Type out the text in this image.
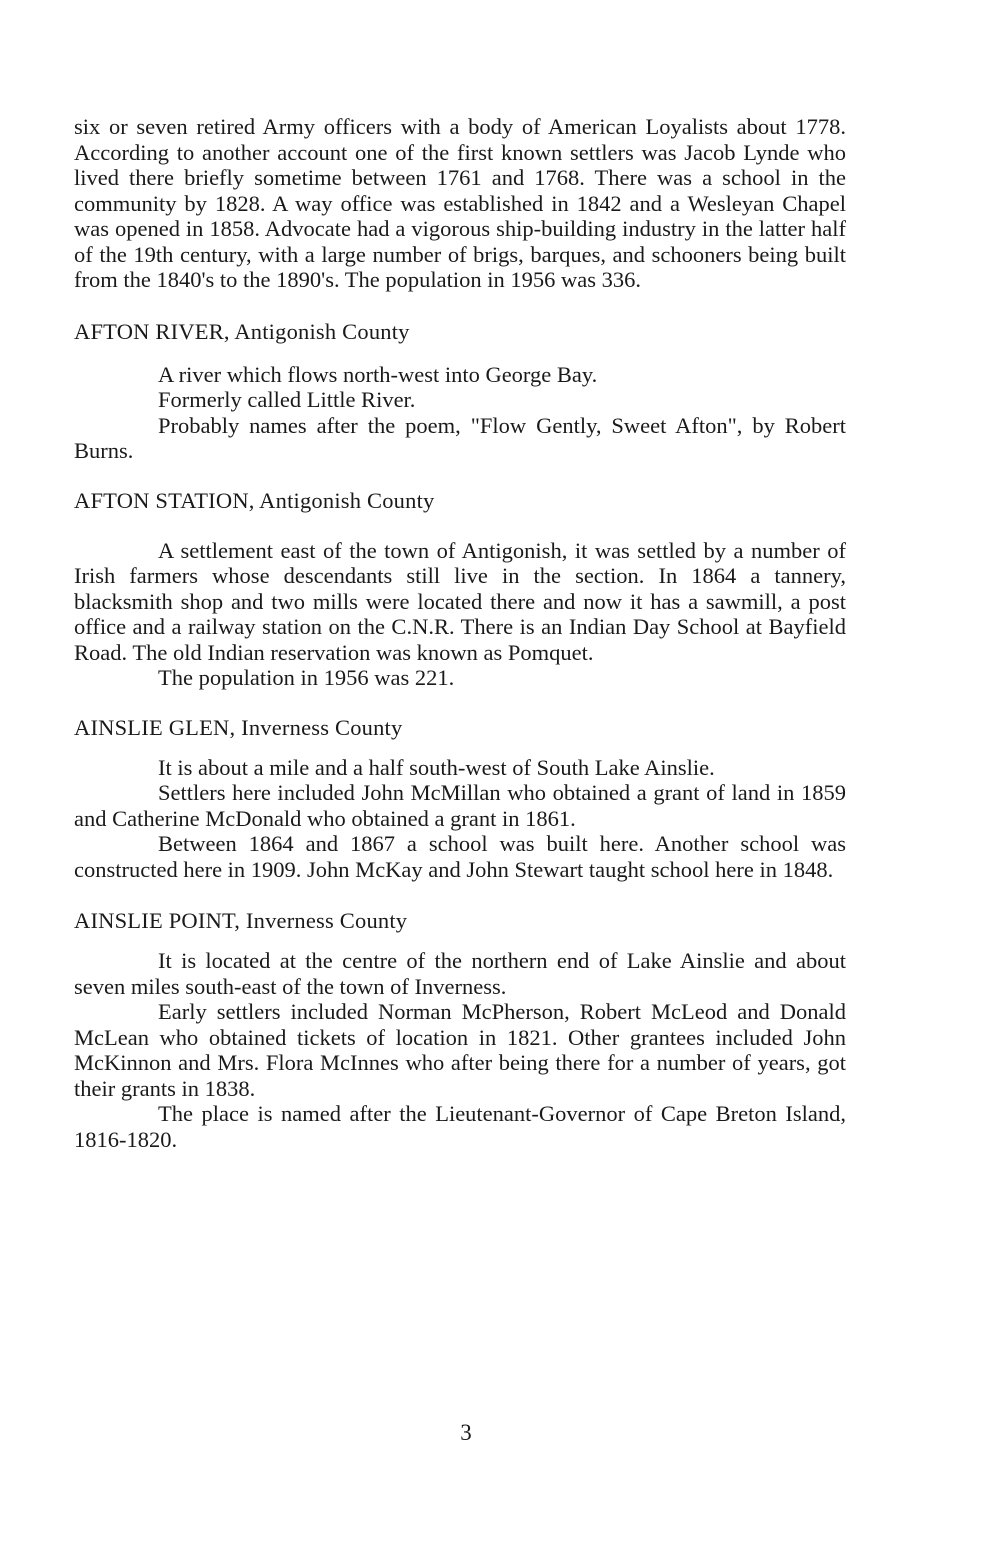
six or seven retired Army officers with a body of American Loyalists about 1778. According to another account one of the first known settlers was Jacob Lynde who lived there briefly sometime between 1761 and 1768. There was a school in the community by 1828. A way office was established in 1842 and a Wesleyan Chapel was opened in 1858. Advocate had a vigorous ship-building industry in the latter half of the 19th century, with a large number of brigs, barques, and schooners being built from the 1840's to the 1890's. The population in 1956 was 336.

AFTON RIVER, Antigonish County

A river which flows north-west into George Bay.

Formerly called Little River.

Probably names after the poem, "Flow Gently, Sweet Afton", by Robert Burns.

AFTON STATION, Antigonish County

A settlement east of the town of Antigonish, it was settled by a number of Irish farmers whose descendants still live in the section. In 1864 a tannery, blacksmith shop and two mills were located there and now it has a sawmill, a post office and a railway station on the C.N.R. There is an Indian Day School at Bayfield Road. The old Indian reservation was known as Pomquet.

The population in 1956 was 221.

AINSLIE GLEN, Inverness County

It is about a mile and a half south-west of South Lake Ainslie.

Settlers here included John McMillan who obtained a grant of land in 1859 and Catherine McDonald who obtained a grant in 1861.

Between 1864 and 1867 a school was built here. Another school was constructed here in 1909. John McKay and John Stewart taught school here in 1848.

AINSLIE POINT, Inverness County

It is located at the centre of the northern end of Lake Ainslie and about seven miles south-east of the town of Inverness.

Early settlers included Norman McPherson, Robert McLeod and Donald McLean who obtained tickets of location in 1821. Other grantees included John McKinnon and Mrs. Flora McInnes who after being there for a number of years, got their grants in 1838.

The place is named after the Lieutenant-Governor of Cape Breton Island, 1816-1820.

3
